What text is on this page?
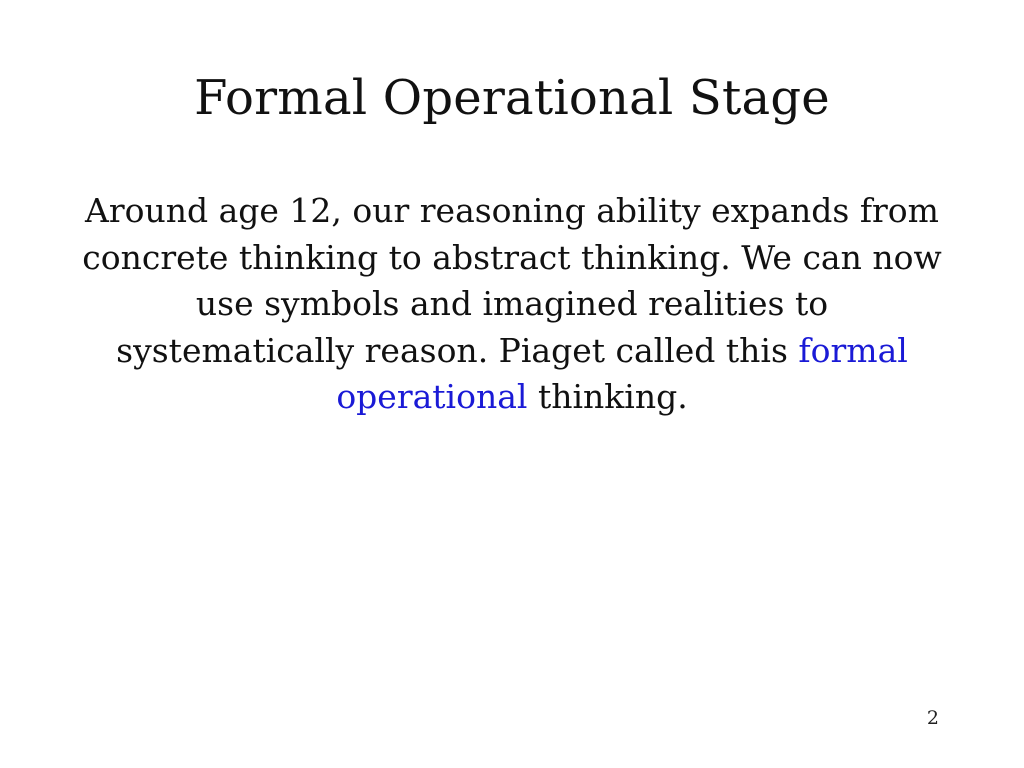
Formal Operational Stage

Around age 12, our reasoning ability expands from concrete thinking to abstract thinking. We can now use symbols and imagined realities to systematically reason. Piaget called this formal operational thinking.

2
